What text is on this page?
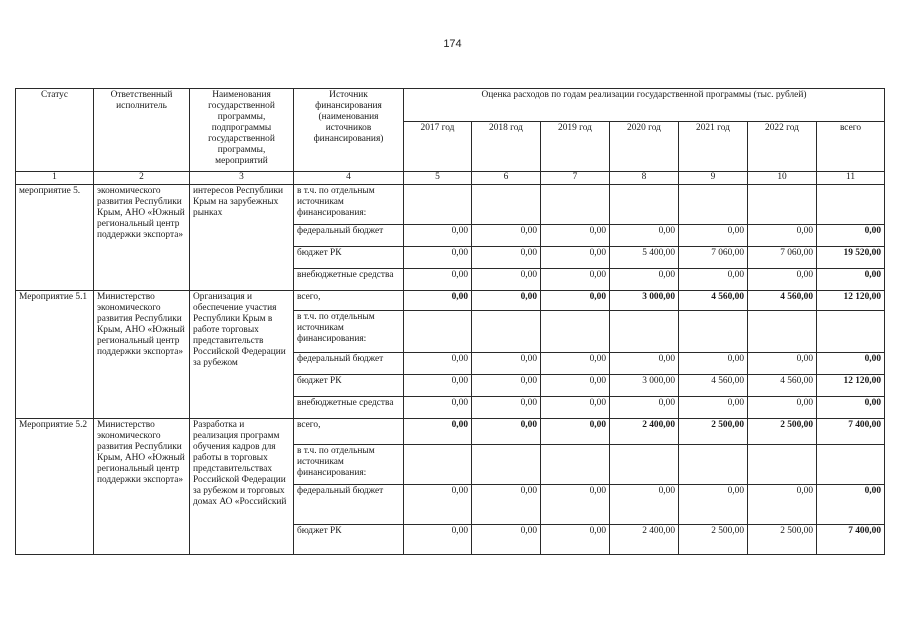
174
Статус	Ответственный исполнитель	Наименования государственной программы, подпрограммы государственной программы, мероприятий	Источник финансирования (наименования источников финансирования)	Оценка расходов по годам реализации государственной программы (тыс. рублей)						
				2017 год	2018 год	2019 год	2020 год	2021 год	2022 год	всего
1	2	3	4	5	6	7	8	9	10	11
мероприятие 5.	экономического развития Республики Крым, АНО «Южный региональный центр поддержки экспорта»	интересов Республики Крым на зарубежных рынках	в т.ч. по отдельным источникам финансирования:							
			федеральный бюджет	0,00	0,00	0,00	0,00	0,00	0,00	0,00
			бюджет РК	0,00	0,00	0,00	5 400,00	7 060,00	7 060,00	19 520,00
			внебюджетные средства	0,00	0,00	0,00	0,00	0,00	0,00	0,00
Мероприятие 5.1	Министерство экономического развития Республики Крым, АНО «Южный региональный центр поддержки экспорта»	Организация и обеспечение участия Республики Крым в работе торговых представительств Российской Федерации за рубежом	всего,	0,00	0,00	0,00	3 000,00	4 560,00	4 560,00	12 120,00
			в т.ч. по отдельным источникам финансирования:							
			федеральный бюджет	0,00	0,00	0,00	0,00	0,00	0,00	0,00
			бюджет РК	0,00	0,00	0,00	3 000,00	4 560,00	4 560,00	12 120,00
			внебюджетные средства	0,00	0,00	0,00	0,00	0,00	0,00	0,00
Мероприятие 5.2	Министерство экономического развития Республики Крым, АНО «Южный региональный центр поддержки экспорта»	Разработка и реализация программ обучения кадров для работы в торговых представительствах Российской Федерации за рубежом и торговых домах АО «Российский	всего,	0,00	0,00	0,00	2 400,00	2 500,00	2 500,00	7 400,00
			в т.ч. по отдельным источникам финансирования:							
			федеральный бюджет	0,00	0,00	0,00	0,00	0,00	0,00	0,00
			бюджет РК	0,00	0,00	0,00	2 400,00	2 500,00	2 500,00	7 400,00
